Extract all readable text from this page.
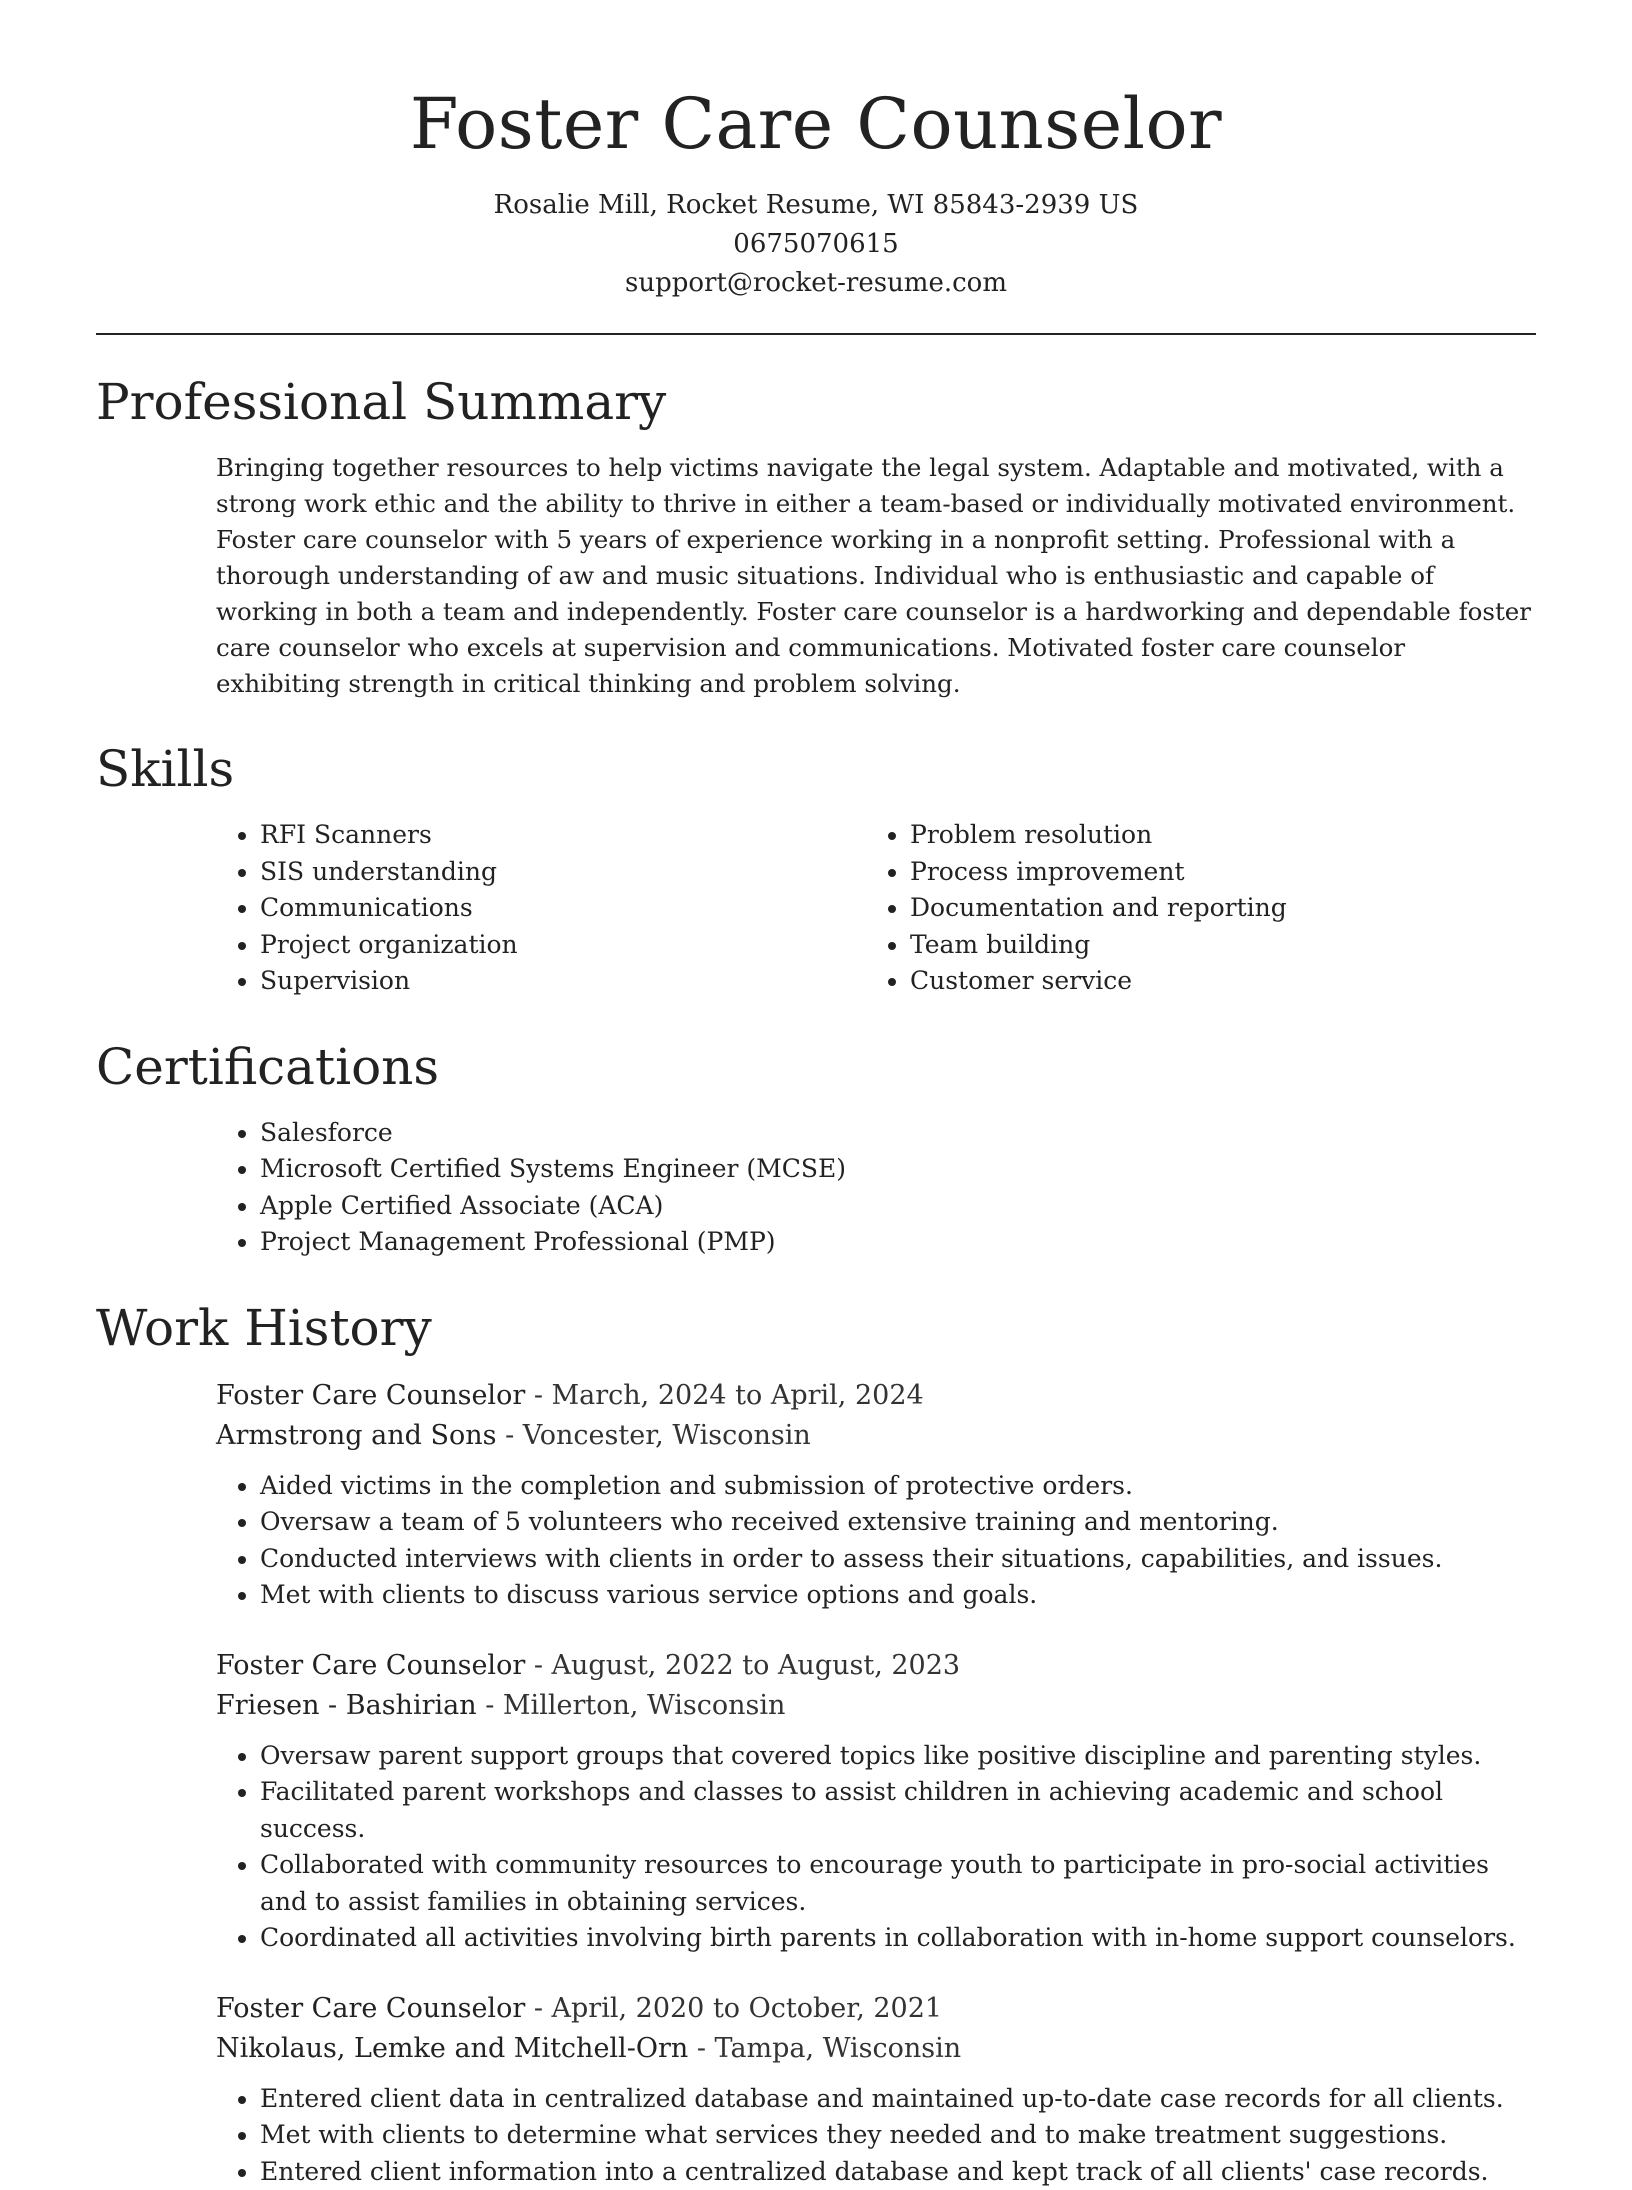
Foster Care Counselor
Rosalie Mill, Rocket Resume, WI 85843-2939 US
0675070615
support@rocket-resume.com
Professional Summary

Bringing together resources to help victims navigate the legal system. Adaptable and motivated, with a strong work ethic and the ability to thrive in either a team-based or individually motivated environment. Foster care counselor with 5 years of experience working in a nonprofit setting. Professional with a thorough understanding of aw and music situations. Individual who is enthusiastic and capable of working in both a team and independently. Foster care counselor is a hardworking and dependable foster care counselor who excels at supervision and communications. Motivated foster care counselor exhibiting strength in critical thinking and problem solving.

Skills
• RFI Scanners
• SIS understanding
• Communications
• Project organization
• Supervision
• Problem resolution
• Process improvement
• Documentation and reporting
• Team building
• Customer service
Certifications
• Salesforce
• Microsoft Certified Systems Engineer (MCSE)
• Apple Certified Associate (ACA)
• Project Management Professional (PMP)
Work History
Foster Care Counselor - March, 2024 to April, 2024
Armstrong and Sons - Voncester, Wisconsin
• Aided victims in the completion and submission of protective orders.
• Oversaw a team of 5 volunteers who received extensive training and mentoring.
• Conducted interviews with clients in order to assess their situations, capabilities, and issues.
• Met with clients to discuss various service options and goals.
Foster Care Counselor - August, 2022 to August, 2023
Friesen - Bashirian - Millerton, Wisconsin
• Oversaw parent support groups that covered topics like positive discipline and parenting styles.
• Facilitated parent workshops and classes to assist children in achieving academic and school success.
• Collaborated with community resources to encourage youth to participate in pro-social activities and to assist families in obtaining services.
• Coordinated all activities involving birth parents in collaboration with in-home support counselors.
Foster Care Counselor - April, 2020 to October, 2021
Nikolaus, Lemke and Mitchell-Orn - Tampa, Wisconsin
• Entered client data in centralized database and maintained up-to-date case records for all clients.
• Met with clients to determine what services they needed and to make treatment suggestions.
• Entered client information into a centralized database and kept track of all clients' case records.
